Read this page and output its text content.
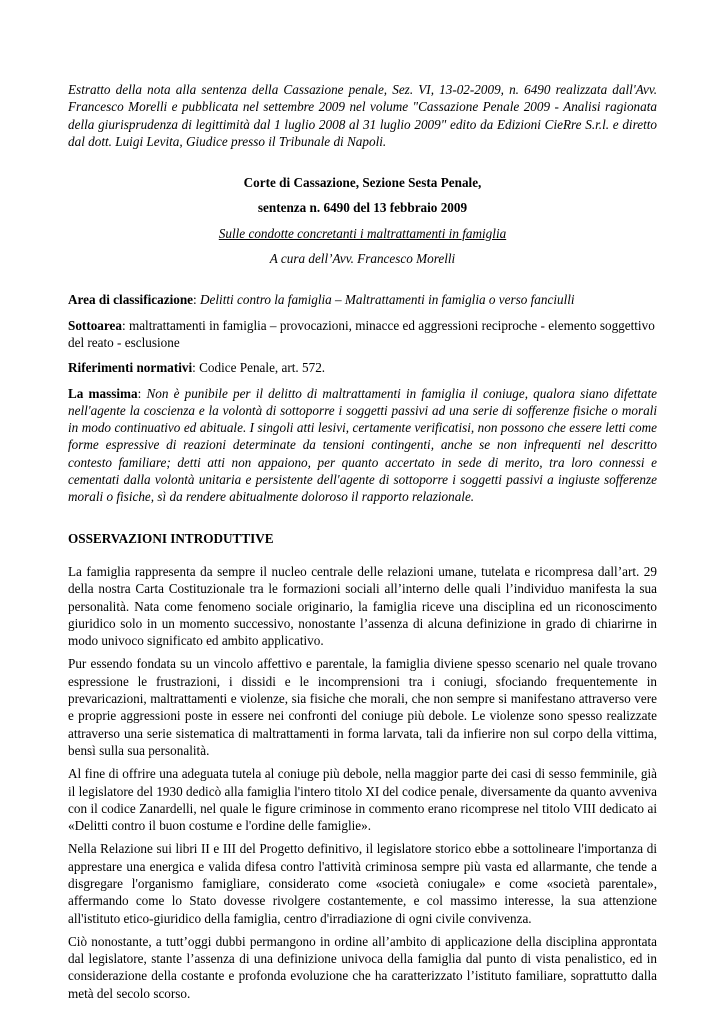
Estratto della nota alla sentenza della Cassazione penale, Sez. VI, 13-02-2009, n. 6490 realizzata dall'Avv. Francesco Morelli e pubblicata nel settembre 2009 nel volume "Cassazione Penale 2009 - Analisi ragionata della giurisprudenza di legittimità dal 1 luglio 2008 al 31 luglio 2009" edito da Edizioni CieRre S.r.l. e diretto dal dott. Luigi Levita, Giudice presso il Tribunale di Napoli.

Corte di Cassazione, Sezione Sesta Penale,

sentenza n. 6490 del 13 febbraio 2009

Sulle condotte concretanti i maltrattamenti in famiglia

A cura dell’Avv. Francesco Morelli

Area di classificazione: Delitti contro la famiglia – Maltrattamenti in famiglia o verso fanciulli

Sottoarea: maltrattamenti in famiglia – provocazioni, minacce ed aggressioni reciproche - elemento soggettivo del reato - esclusione

Riferimenti normativi: Codice Penale, art. 572.

La massima: Non è punibile per il delitto di maltrattamenti in famiglia il coniuge, qualora siano difettate nell'agente la coscienza e la volontà di sottoporre i soggetti passivi ad una serie di sofferenze fisiche o morali in modo continuativo ed abituale. I singoli atti lesivi, certamente verificatisi, non possono che essere letti come forme espressive di reazioni determinate da tensioni contingenti, anche se non infrequenti nel descritto contesto familiare; detti atti non appaiono, per quanto accertato in sede di merito, tra loro connessi e cementati dalla volontà unitaria e persistente dell'agente di sottoporre i soggetti passivi a ingiuste sofferenze morali o fisiche, sì da rendere abitualmente doloroso il rapporto relazionale.

OSSERVAZIONI INTRODUTTIVE

La famiglia rappresenta da sempre il nucleo centrale delle relazioni umane, tutelata e ricompresa dall’art. 29 della nostra Carta Costituzionale tra le formazioni sociali all’interno delle quali l’individuo manifesta la sua personalità. Nata come fenomeno sociale originario, la famiglia riceve una disciplina ed un riconoscimento giuridico solo in un momento successivo, nonostante l’assenza di alcuna definizione in grado di chiarirne in modo univoco significato ed ambito applicativo.

Pur essendo fondata su un vincolo affettivo e parentale, la famiglia diviene spesso scenario nel quale trovano espressione le frustrazioni, i dissidi e le incomprensioni tra i coniugi, sfociando frequentemente in prevaricazioni, maltrattamenti e violenze, sia fisiche che morali, che non sempre si manifestano attraverso vere e proprie aggressioni poste in essere nei confronti del coniuge più debole. Le violenze sono spesso realizzate attraverso una serie sistematica di maltrattamenti in forma larvata, tali da infierire non sul corpo della vittima, bensì sulla sua personalità.

Al fine di offrire una adeguata tutela al coniuge più debole, nella maggior parte dei casi di sesso femminile, già il legislatore del 1930 dedicò alla famiglia l'intero titolo XI del codice penale, diversamente da quanto avveniva con il codice Zanardelli, nel quale le figure criminose in commento erano ricomprese nel titolo VIII dedicato ai «Delitti contro il buon costume e l'ordine delle famiglie».

Nella Relazione sui libri II e III del Progetto definitivo, il legislatore storico ebbe a sottolineare l'importanza di apprestare una energica e valida difesa contro l'attività criminosa sempre più vasta ed allarmante, che tende a disgregare l'organismo famigliare, considerato come «società coniugale» e come «società parentale», affermando come lo Stato dovesse rivolgere costantemente, e col massimo interesse, la sua attenzione all'istituto etico-giuridico della famiglia, centro d'irradiazione di ogni civile convivenza.

Ciò nonostante, a tutt’oggi dubbi permangono in ordine all’ambito di applicazione della disciplina approntata dal legislatore, stante l’assenza di una definizione univoca della famiglia dal punto di vista penalistico, ed in considerazione della costante e profonda evoluzione che ha caratterizzato l’istituto familiare, soprattutto dalla metà del secolo scorso.
